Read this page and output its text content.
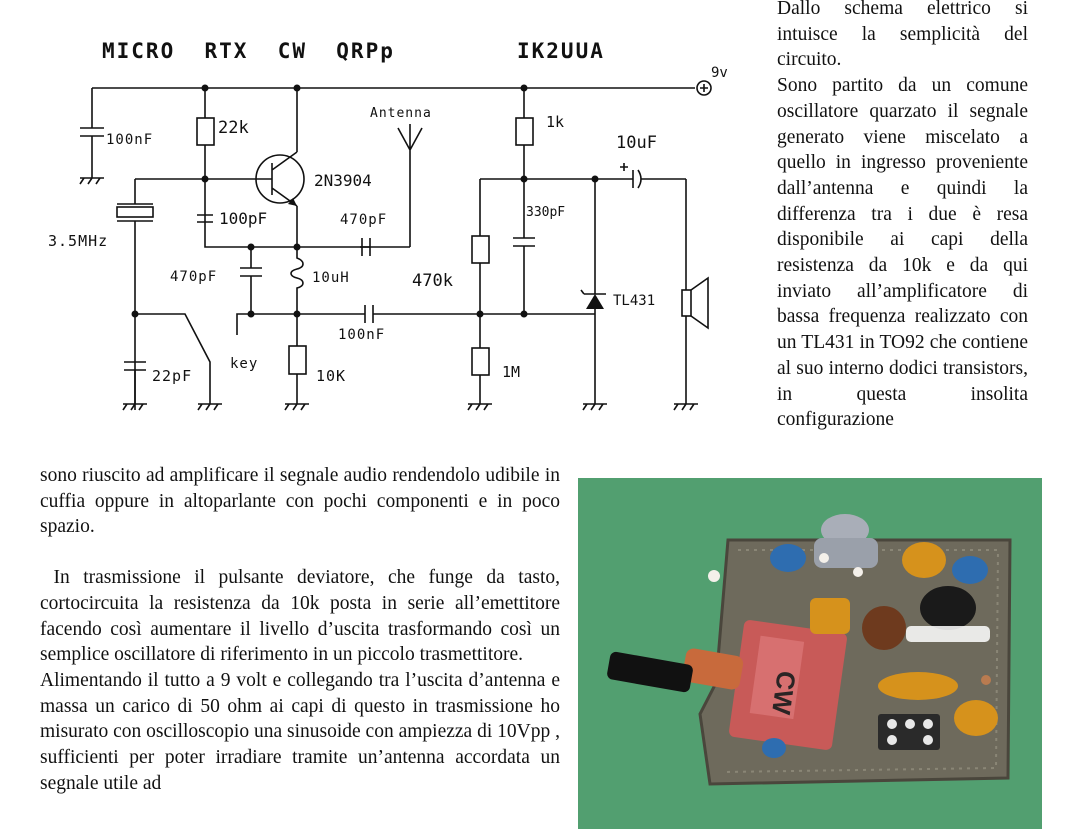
MICRO  RTX  CW  QRPp	IK2UUA
9v
100nF
22k
2N3904
3.5MHz
100pF
Antenna
470pF
470pF	10uH
100nF
22pF
key
10K
1k
330pF
470k
1M
TL431
10uF

Dallo schema elettrico si intuisce la semplicità del circuito.

Sono partito da un comune oscillatore quarzato il segnale generato viene miscelato a quello in ingresso proveniente dall’antenna e quindi la differenza tra i due è resa disponibile ai capi della resistenza da 10k e da qui inviato all’amplificatore di bassa frequenza realizzato con un TL431 in TO92 che contiene al suo interno dodici transistors, in questa insolita configurazione

sono riuscito ad amplificare il segnale audio rendendolo udibile in cuffia oppure in altoparlante con pochi componenti e in poco spazio.

In trasmissione il pulsante deviatore, che funge da tasto, cortocircuita la resistenza da 10k posta in serie all’emettitore facendo così aumentare il livello d’uscita trasformando così un semplice oscillatore di riferimento in un piccolo trasmettitore.

Alimentando il tutto a 9 volt e collegando tra l’uscita d’antenna e massa un carico di 50 ohm ai capi di questo in trasmissione ho misurato con oscilloscopio una sinusoide con ampiezza di 10Vpp , sufficienti per poter irradiare tramite un’antenna accordata un segnale utile ad

CW
